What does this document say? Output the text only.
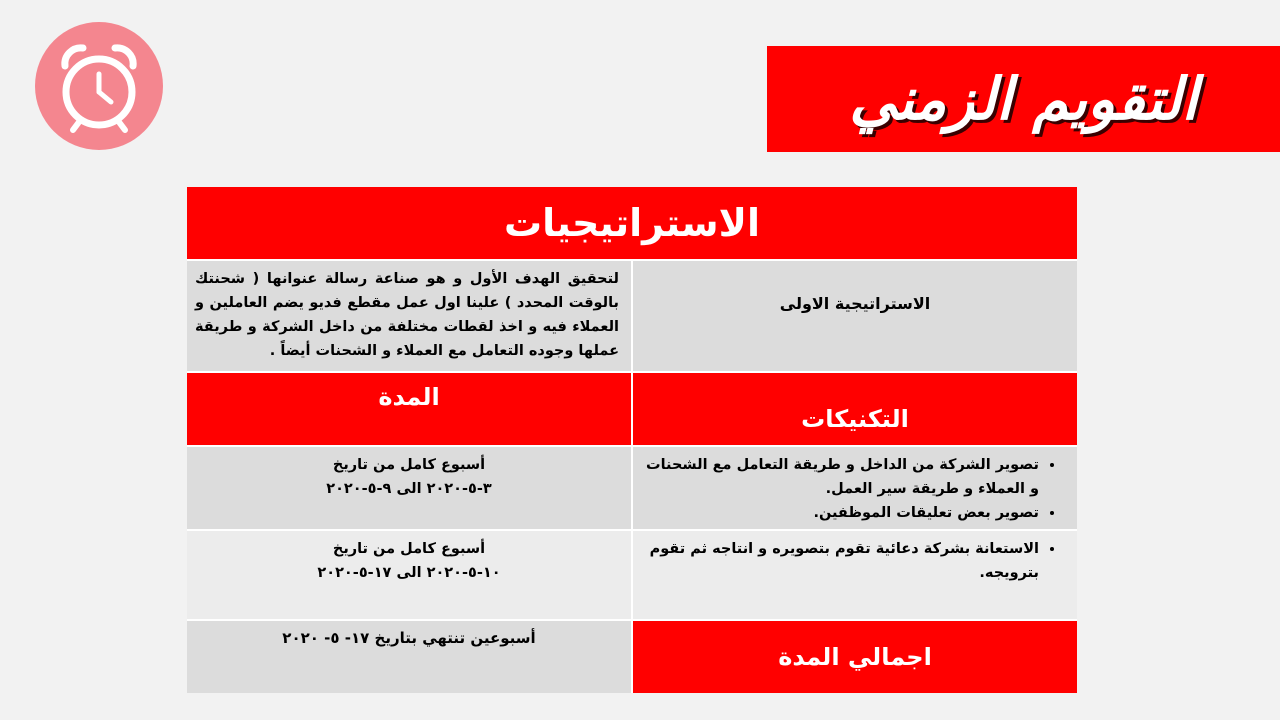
التقويم الزمني
الاستراتيجيات
الاستراتيجية الاولى
لتحقيق الهدف الأول و هو صناعة رسالة عنوانها ( شحنتك بالوقت المحدد ) علينا اول عمل مقطع فديو يضم العاملين و العملاء فيه و اخذ لقطات مختلفة من داخل الشركة و طريقة عملها وجوده التعامل مع العملاء و الشحنات أيضاً .
التكنيكات
المدة
• تصوير الشركة من الداخل و طريقة التعامل مع الشحنات و العملاء و طريقة سير العمل.
• تصوير بعض تعليقات الموظفين.
أسبوع كامل من تاريخ
٣-٥-٢٠٢٠ الى ٩-٥-٢٠٢٠
• الاستعانة بشركة دعائية تقوم بتصويره و انتاجه ثم تقوم بترويجه.
أسبوع كامل من تاريخ
١٠-٥-٢٠٢٠ الى ١٧-٥-٢٠٢٠
اجمالي المدة
أسبوعين تنتهي بتاريخ ١٧- ٥- ٢٠٢٠
